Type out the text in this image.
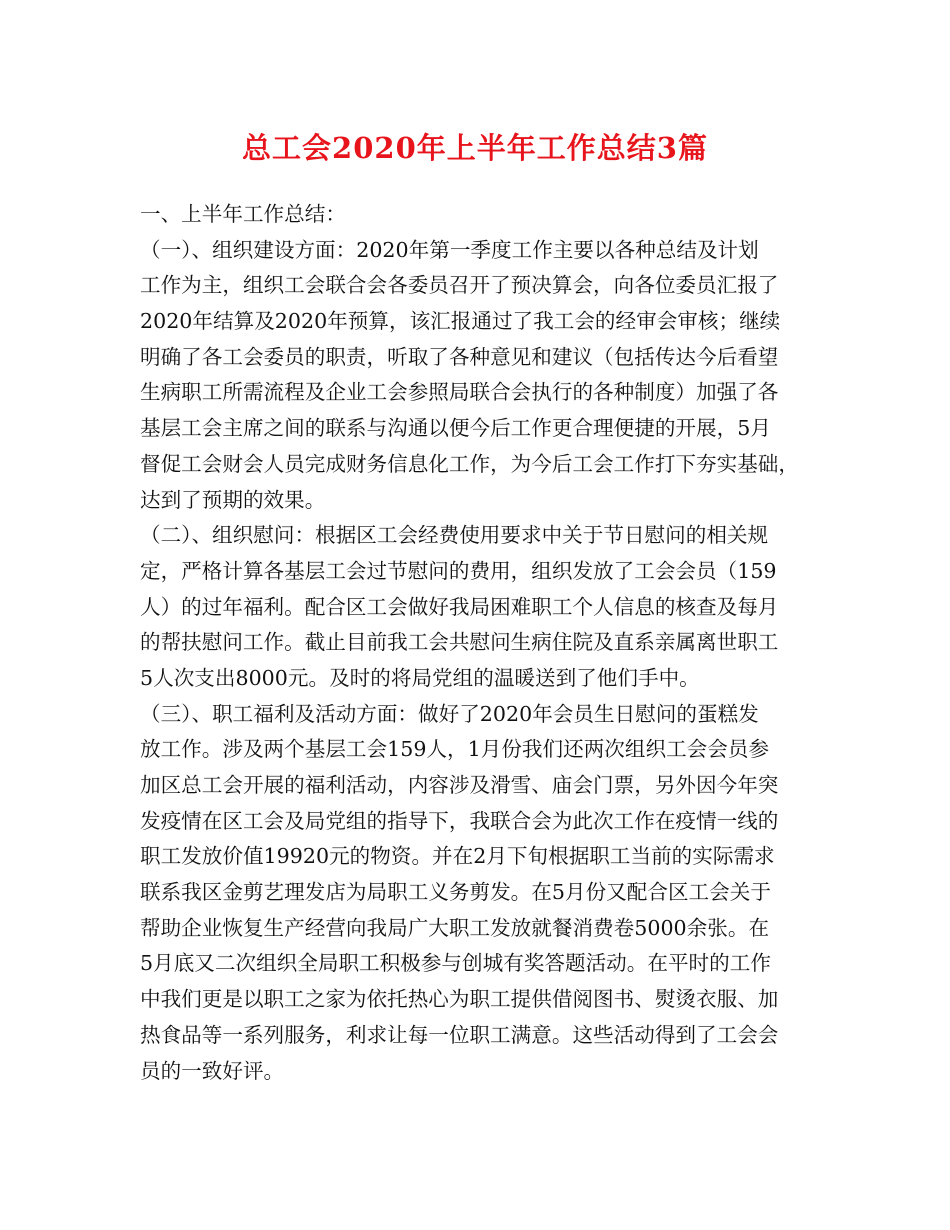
总工会2020年上半年工作总结3篇
一、上半年工作总结：
（一）、组织建设方面：2020年第一季度工作主要以各种总结及计划
工作为主，组织工会联合会各委员召开了预决算会，向各位委员汇报了
2020年结算及2020年预算，该汇报通过了我工会的经审会审核；继续
明确了各工会委员的职责，听取了各种意见和建议（包括传达今后看望
生病职工所需流程及企业工会参照局联合会执行的各种制度）加强了各
基层工会主席之间的联系与沟通以便今后工作更合理便捷的开展，5月
督促工会财会人员完成财务信息化工作，为今后工会工作打下夯实基础，
达到了预期的效果。
（二）、组织慰问：根据区工会经费使用要求中关于节日慰问的相关规
定，严格计算各基层工会过节慰问的费用，组织发放了工会会员（159
人）的过年福利。配合区工会做好我局困难职工个人信息的核查及每月
的帮扶慰问工作。截止目前我工会共慰问生病住院及直系亲属离世职工
5人次支出8000元。及时的将局党组的温暖送到了他们手中。
（三）、职工福利及活动方面：做好了2020年会员生日慰问的蛋糕发
放工作。涉及两个基层工会159人，1月份我们还两次组织工会会员参
加区总工会开展的福利活动，内容涉及滑雪、庙会门票，另外因今年突
发疫情在区工会及局党组的指导下，我联合会为此次工作在疫情一线的
职工发放价值19920元的物资。并在2月下旬根据职工当前的实际需求
联系我区金剪艺理发店为局职工义务剪发。在5月份又配合区工会关于
帮助企业恢复生产经营向我局广大职工发放就餐消费卷5000余张。在
5月底又二次组织全局职工积极参与创城有奖答题活动。在平时的工作
中我们更是以职工之家为依托热心为职工提供借阅图书、熨烫衣服、加
热食品等一系列服务，利求让每一位职工满意。这些活动得到了工会会
员的一致好评。
